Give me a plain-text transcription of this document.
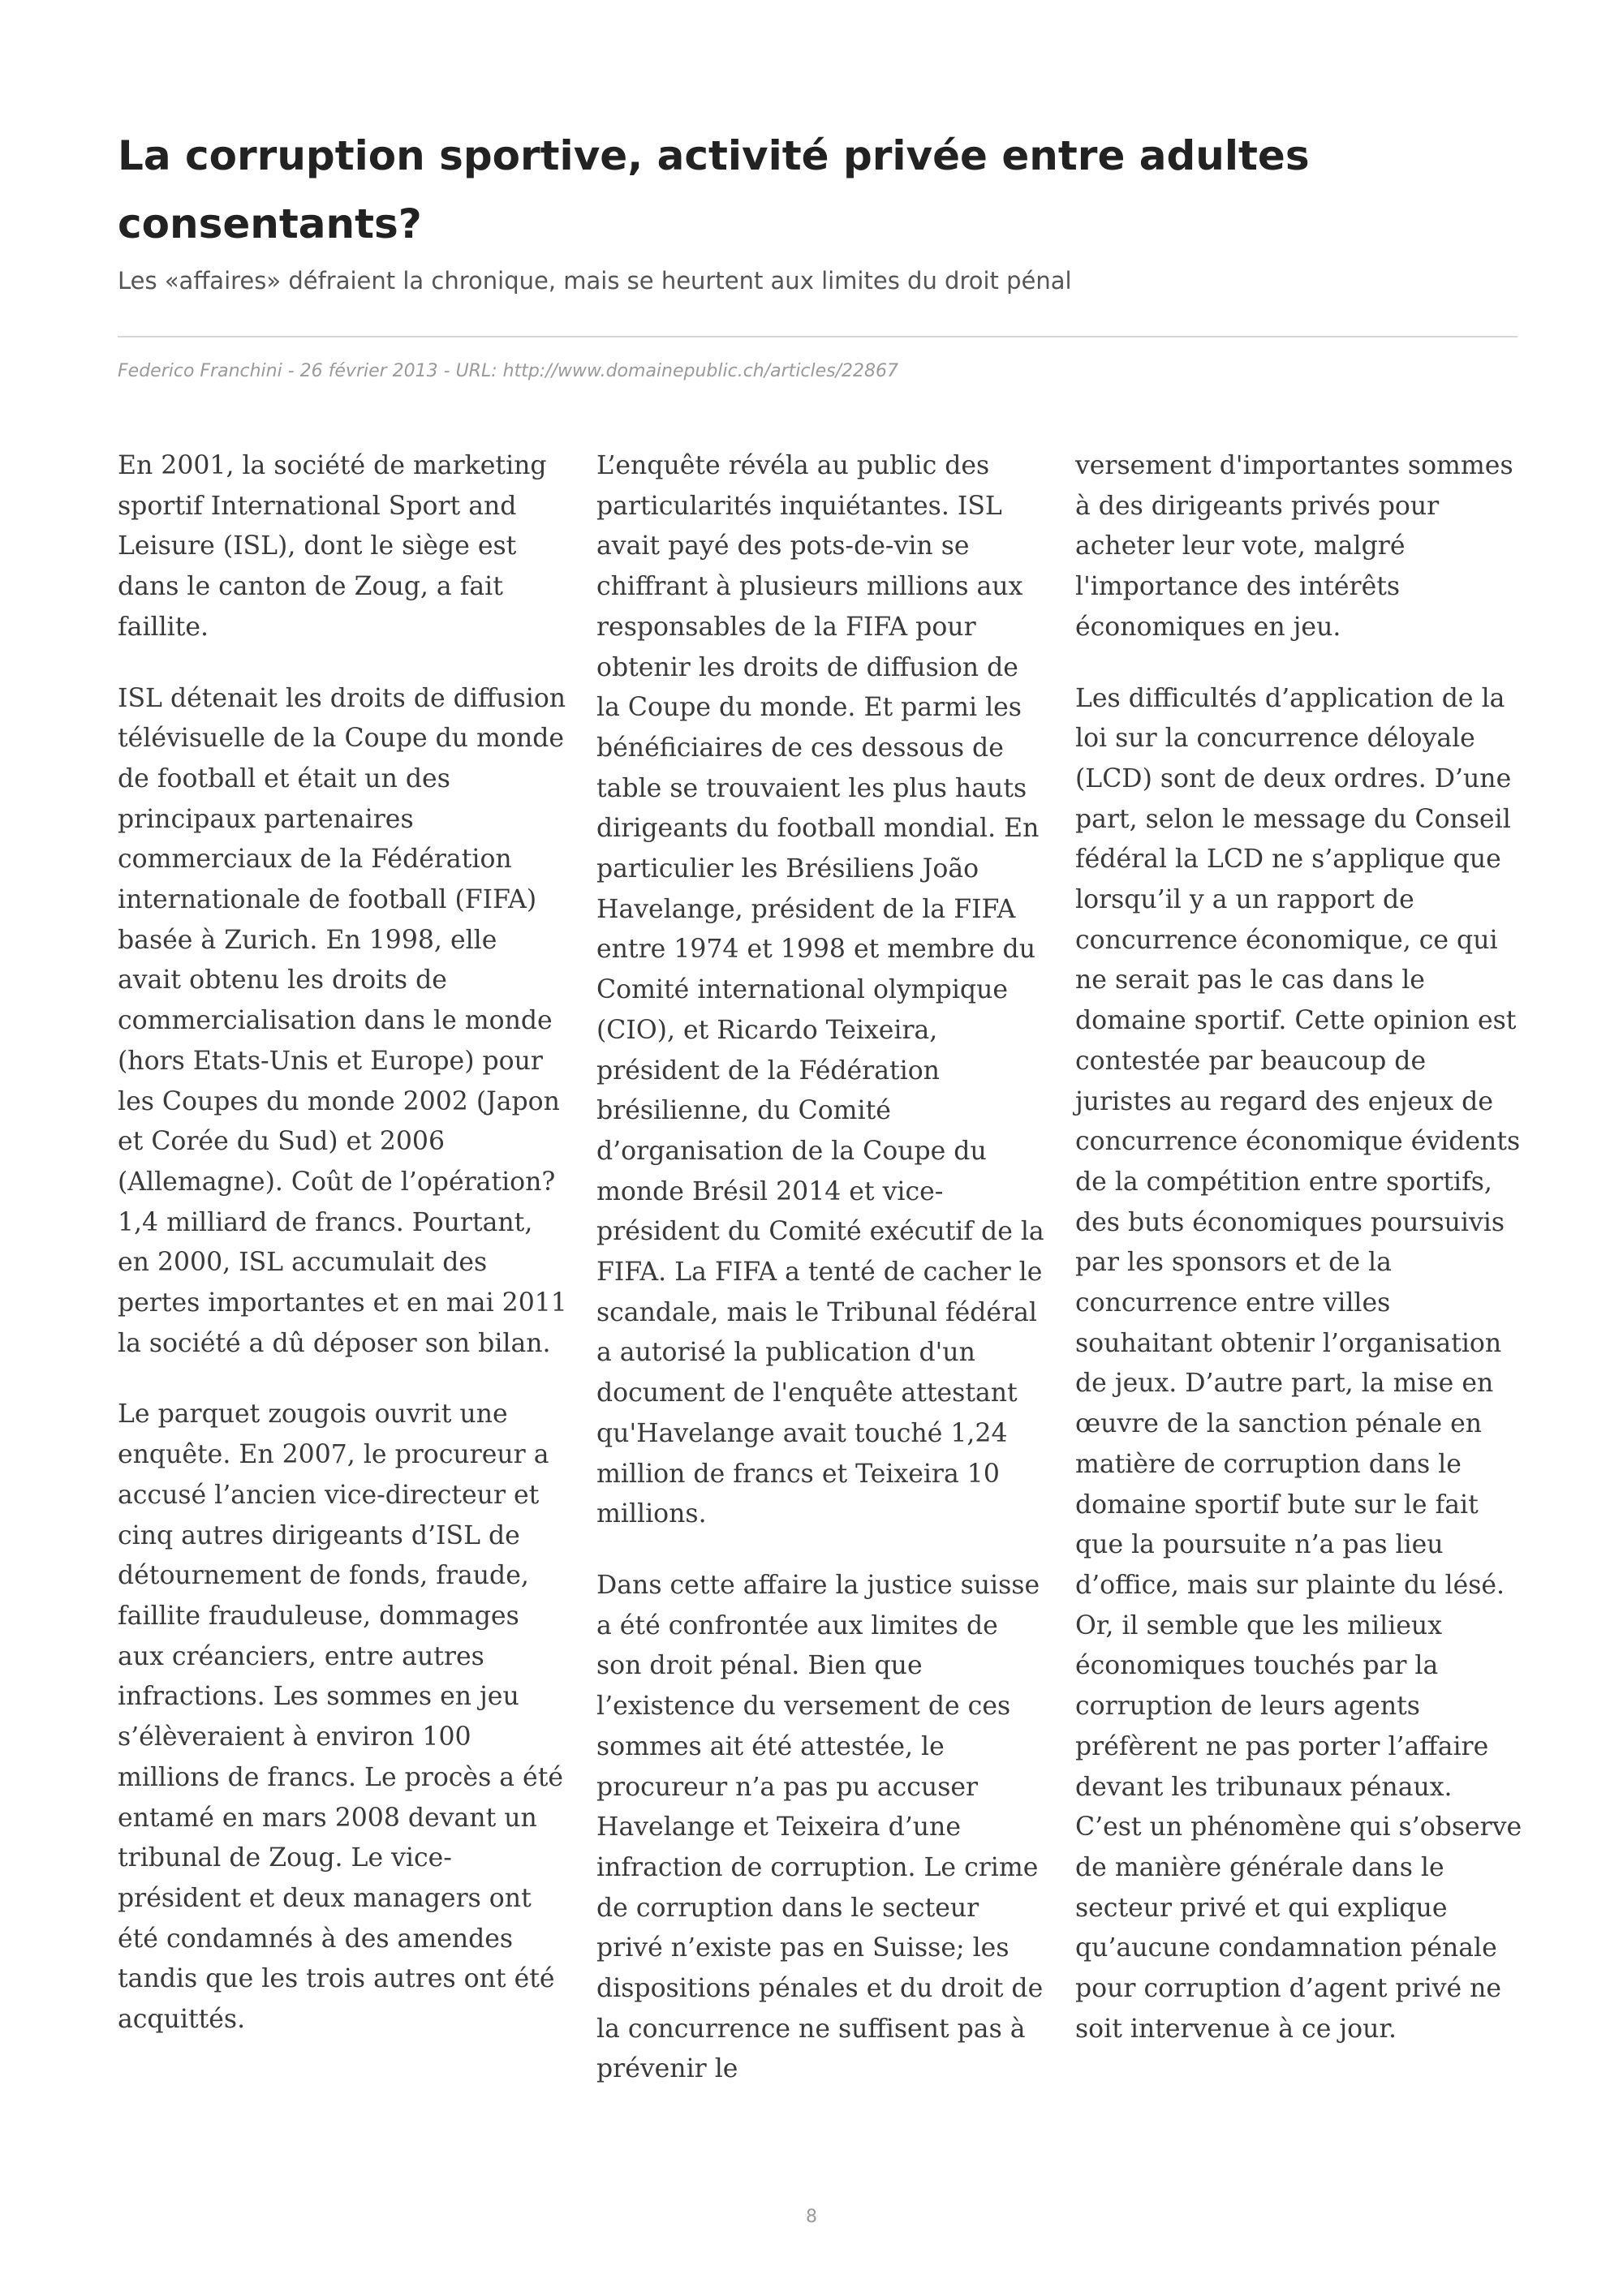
La corruption sportive, activité privée entre adultes consentants?

Les «affaires» défraient la chronique, mais se heurtent aux limites du droit pénal

Federico Franchini - 26 février 2013 - URL: http://www.domainepublic.ch/articles/22867

En 2001, la société de marketing sportif International Sport and Leisure (ISL), dont le siège est dans le canton de Zoug, a fait faillite.

ISL détenait les droits de diffusion télévisuelle de la Coupe du monde de football et était un des principaux partenaires commerciaux de la Fédération internationale de football (FIFA) basée à Zurich. En 1998, elle avait obtenu les droits de commercialisation dans le monde (hors Etats-Unis et Europe) pour les Coupes du monde 2002 (Japon et Corée du Sud) et 2006 (Allemagne). Coût de l’opération? 1,4 milliard de francs. Pourtant, en 2000, ISL accumulait des pertes importantes et en mai 2011 la société a dû déposer son bilan.

Le parquet zougois ouvrit une enquête. En 2007, le procureur a accusé l’ancien vice-directeur et cinq autres dirigeants d’ISL de détournement de fonds, fraude, faillite frauduleuse, dommages aux créanciers, entre autres infractions. Les sommes en jeu s’élèveraient à environ 100 millions de francs. Le procès a été entamé en mars 2008 devant un tribunal de Zoug. Le vice-président et deux managers ont été condamnés à des amendes tandis que les trois autres ont été acquittés.

L’enquête révéla au public des particularités inquiétantes. ISL avait payé des pots-de-vin se chiffrant à plusieurs millions aux responsables de la FIFA pour obtenir les droits de diffusion de la Coupe du monde. Et parmi les bénéficiaires de ces dessous de table se trouvaient les plus hauts dirigeants du football mondial. En particulier les Brésiliens João Havelange, président de la FIFA entre 1974 et 1998 et membre du Comité international olympique (CIO), et Ricardo Teixeira, président de la Fédération brésilienne, du Comité d’organisation de la Coupe du monde Brésil 2014 et vice-président du Comité exécutif de la FIFA. La FIFA a tenté de cacher le scandale, mais le Tribunal fédéral a autorisé la publication d'un document de l'enquête attestant qu'Havelange avait touché 1,24 million de francs et Teixeira 10 millions.

Dans cette affaire la justice suisse a été confrontée aux limites de son droit pénal. Bien que l’existence du versement de ces sommes ait été attestée, le procureur n’a pas pu accuser Havelange et Teixeira d’une infraction de corruption. Le crime de corruption dans le secteur privé n’existe pas en Suisse; les dispositions pénales et du droit de la concurrence ne suffisent pas à prévenir le

versement d'importantes sommes à des dirigeants privés pour acheter leur vote, malgré l'importance des intérêts économiques en jeu.

Les difficultés d’application de la loi sur la concurrence déloyale (LCD) sont de deux ordres. D’une part, selon le message du Conseil fédéral la LCD ne s’applique que lorsqu’il y a un rapport de concurrence économique, ce qui ne serait pas le cas dans le domaine sportif. Cette opinion est contestée par beaucoup de juristes au regard des enjeux de concurrence économique évidents de la compétition entre sportifs, des buts économiques poursuivis par les sponsors et de la concurrence entre villes souhaitant obtenir l’organisation de jeux. D’autre part, la mise en œuvre de la sanction pénale en matière de corruption dans le domaine sportif bute sur le fait que la poursuite n’a pas lieu d’office, mais sur plainte du lésé. Or, il semble que les milieux économiques touchés par la corruption de leurs agents préfèrent ne pas porter l’affaire devant les tribunaux pénaux. C’est un phénomène qui s’observe de manière générale dans le secteur privé et qui explique qu’aucune condamnation pénale pour corruption d’agent privé ne soit intervenue à ce jour.

8
